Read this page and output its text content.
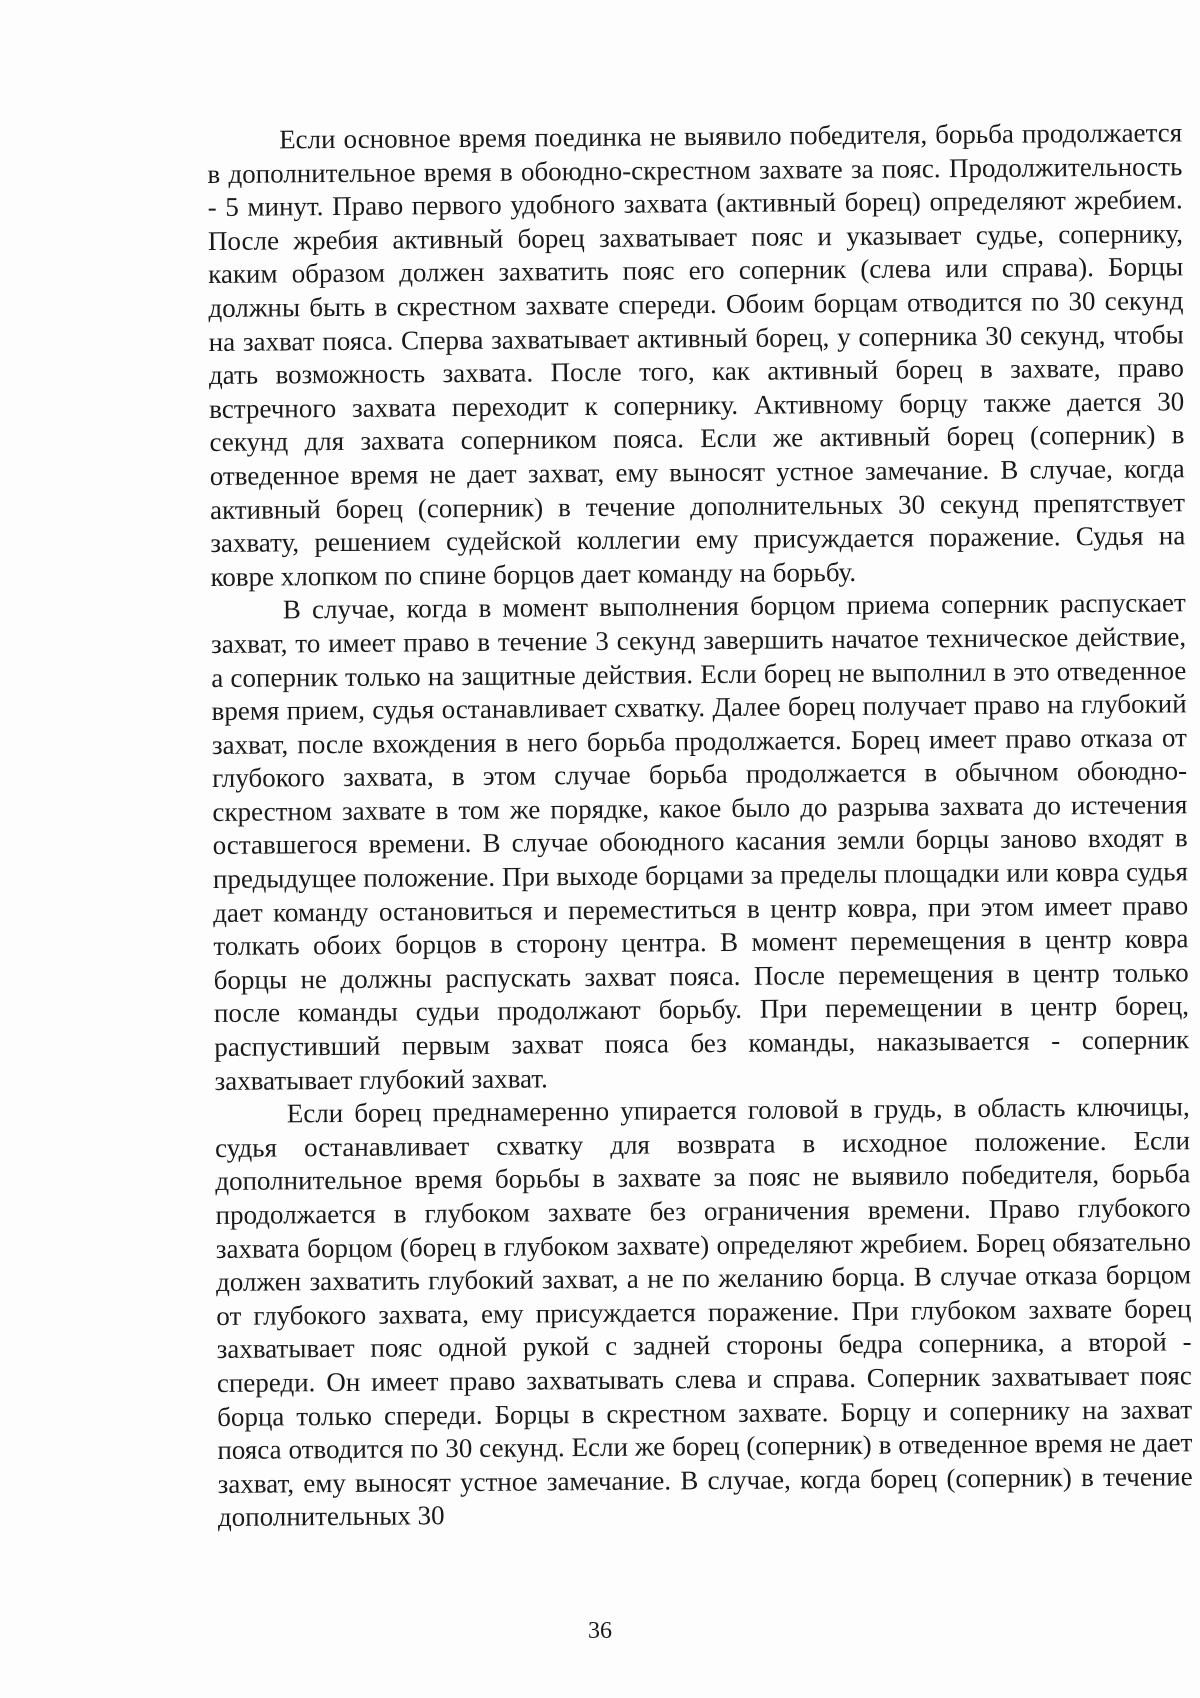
Если основное время поединка не выявило победителя, борьба продолжается в дополнительное время в обоюдно-скрестном захвате за пояс. Продолжительность - 5 минут. Право первого удобного захвата (активный борец) определяют жребием. После жребия активный борец захватывает пояс и указывает судье, сопернику, каким образом должен захватить пояс его соперник (слева или справа). Борцы должны быть в скрестном захвате спереди. Обоим борцам отводится по 30 секунд на захват пояса. Сперва захватывает активный борец, у соперника 30 секунд, чтобы дать возможность захвата. После того, как активный борец в захвате, право встречного захвата переходит к сопернику. Активному борцу также дается 30 секунд для захвата соперником пояса. Если же активный борец (соперник) в отведенное время не дает захват, ему выносят устное замечание. В случае, когда активный борец (соперник) в течение дополнительных 30 секунд препятствует захвату, решением судейской коллегии ему присуждается поражение. Судья на ковре хлопком по спине борцов дает команду на борьбу.

В случае, когда в момент выполнения борцом приема соперник распускает захват, то имеет право в течение 3 секунд завершить начатое техническое действие, а соперник только на защитные действия. Если борец не выполнил в это отведенное время прием, судья останавливает схватку. Далее борец получает право на глубокий захват, после вхождения в него борьба продолжается. Борец имеет право отказа от глубокого захвата, в этом случае борьба продолжается в обычном обоюдно-скрестном захвате в том же порядке, какое было до разрыва захвата до истечения оставшегося времени. В случае обоюдного касания земли борцы заново входят в предыдущее положение. При выходе борцами за пределы площадки или ковра судья дает команду остановиться и переместиться в центр ковра, при этом имеет право толкать обоих борцов в сторону центра. В момент перемещения в центр ковра борцы не должны распускать захват пояса. После перемещения в центр только после команды судьи продолжают борьбу. При перемещении в центр борец, распустивший первым захват пояса без команды, наказывается - соперник захватывает глубокий захват.

Если борец преднамеренно упирается головой в грудь, в область ключицы, судья останавливает схватку для возврата в исходное положение. Если дополнительное время борьбы в захвате за пояс не выявило победителя, борьба продолжается в глубоком захвате без ограничения времени. Право глубокого захвата борцом (борец в глубоком захвате) определяют жребием. Борец обязательно должен захватить глубокий захват, а не по желанию борца. В случае отказа борцом от глубокого захвата, ему присуждается поражение. При глубоком захвате борец захватывает пояс одной рукой с задней стороны бедра соперника, а второй - спереди. Он имеет право захватывать слева и справа. Соперник захватывает пояс борца только спереди. Борцы в скрестном захвате. Борцу и сопернику на захват пояса отводится по 30 секунд. Если же борец (соперник) в отведенное время не дает захват, ему выносят устное замечание. В случае, когда борец (соперник) в течение дополнительных 30

36
